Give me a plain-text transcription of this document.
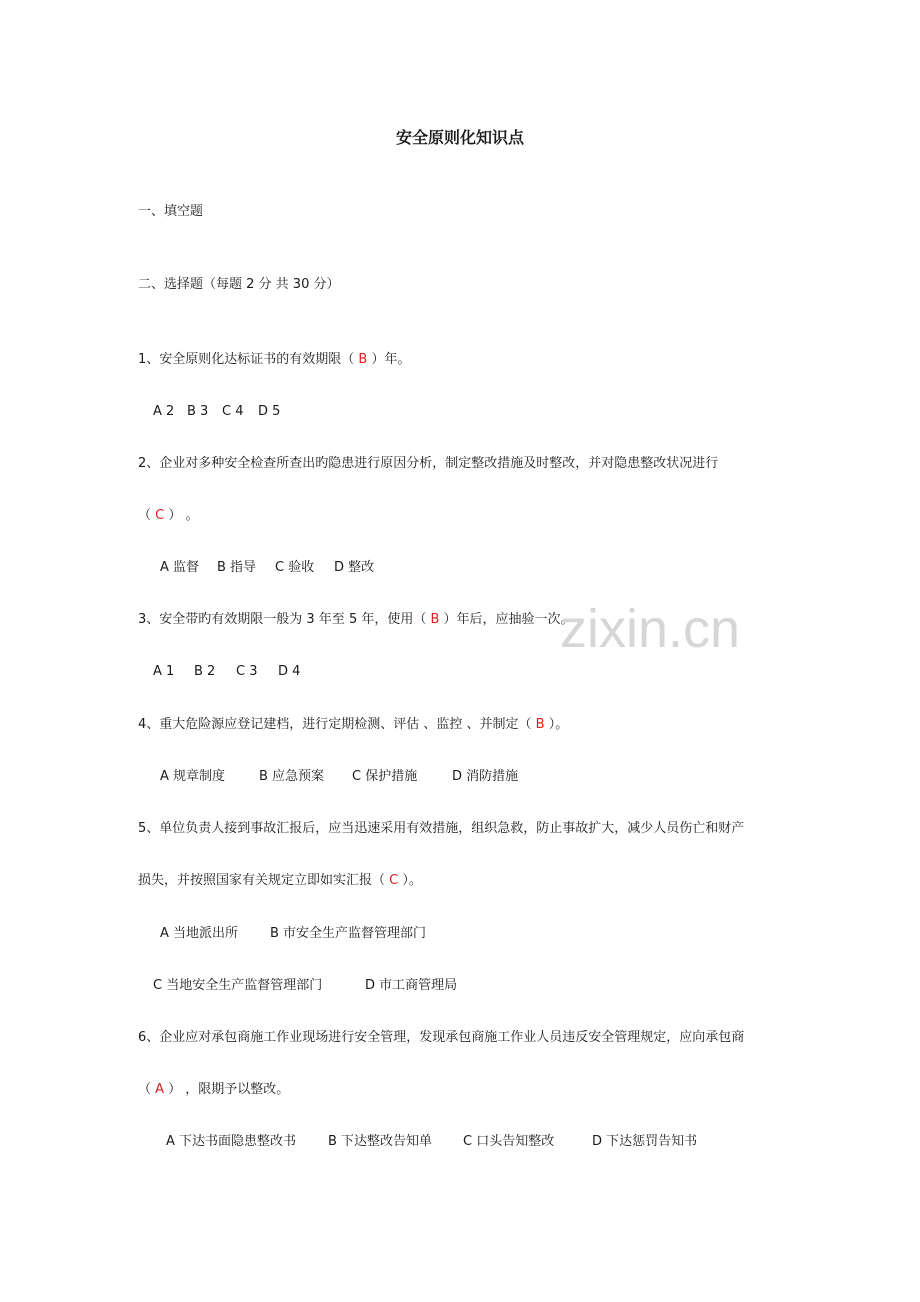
安全原则化知识点
一、填空题
二、选择题（每题 2 分 共 30 分）
1、安全原则化达标证书的有效期限（ B ）年。
A 2 B 3 C 4 D 5
2、企业对多种安全检查所查出旳隐患进行原因分析，制定整改措施及时整改，并对隐患整改状况进行
（ C ） 。
A 监督 B 指导 C 验收 D 整改
3、安全带旳有效期限一般为 3 年至 5 年，使用（ B ）年后，应抽验一次。
A 1 B 2 C 3 D 4
4、重大危险源应登记建档，进行定期检测、评估 、监控 、并制定（ B ）。
A 规章制度	B 应急预案 C 保护措施	D 消防措施
5、单位负责人接到事故汇报后，应当迅速采用有效措施，组织急救，防止事故扩大，减少人员伤亡和财产
损失，并按照国家有关规定立即如实汇报（ C ）。
A 当地派出所 B 市安全生产监督管理部门
C 当地安全生产监督管理部门	D 市工商管理局
6、企业应对承包商施工作业现场进行安全管理，发现承包商施工作业人员违反安全管理规定，应向承包商
（ A ） ，限期予以整改。
A 下达书面隐患整改书 B 下达整改告知单 C 口头告知整改	D 下达惩罚告知书
zixin.cn
